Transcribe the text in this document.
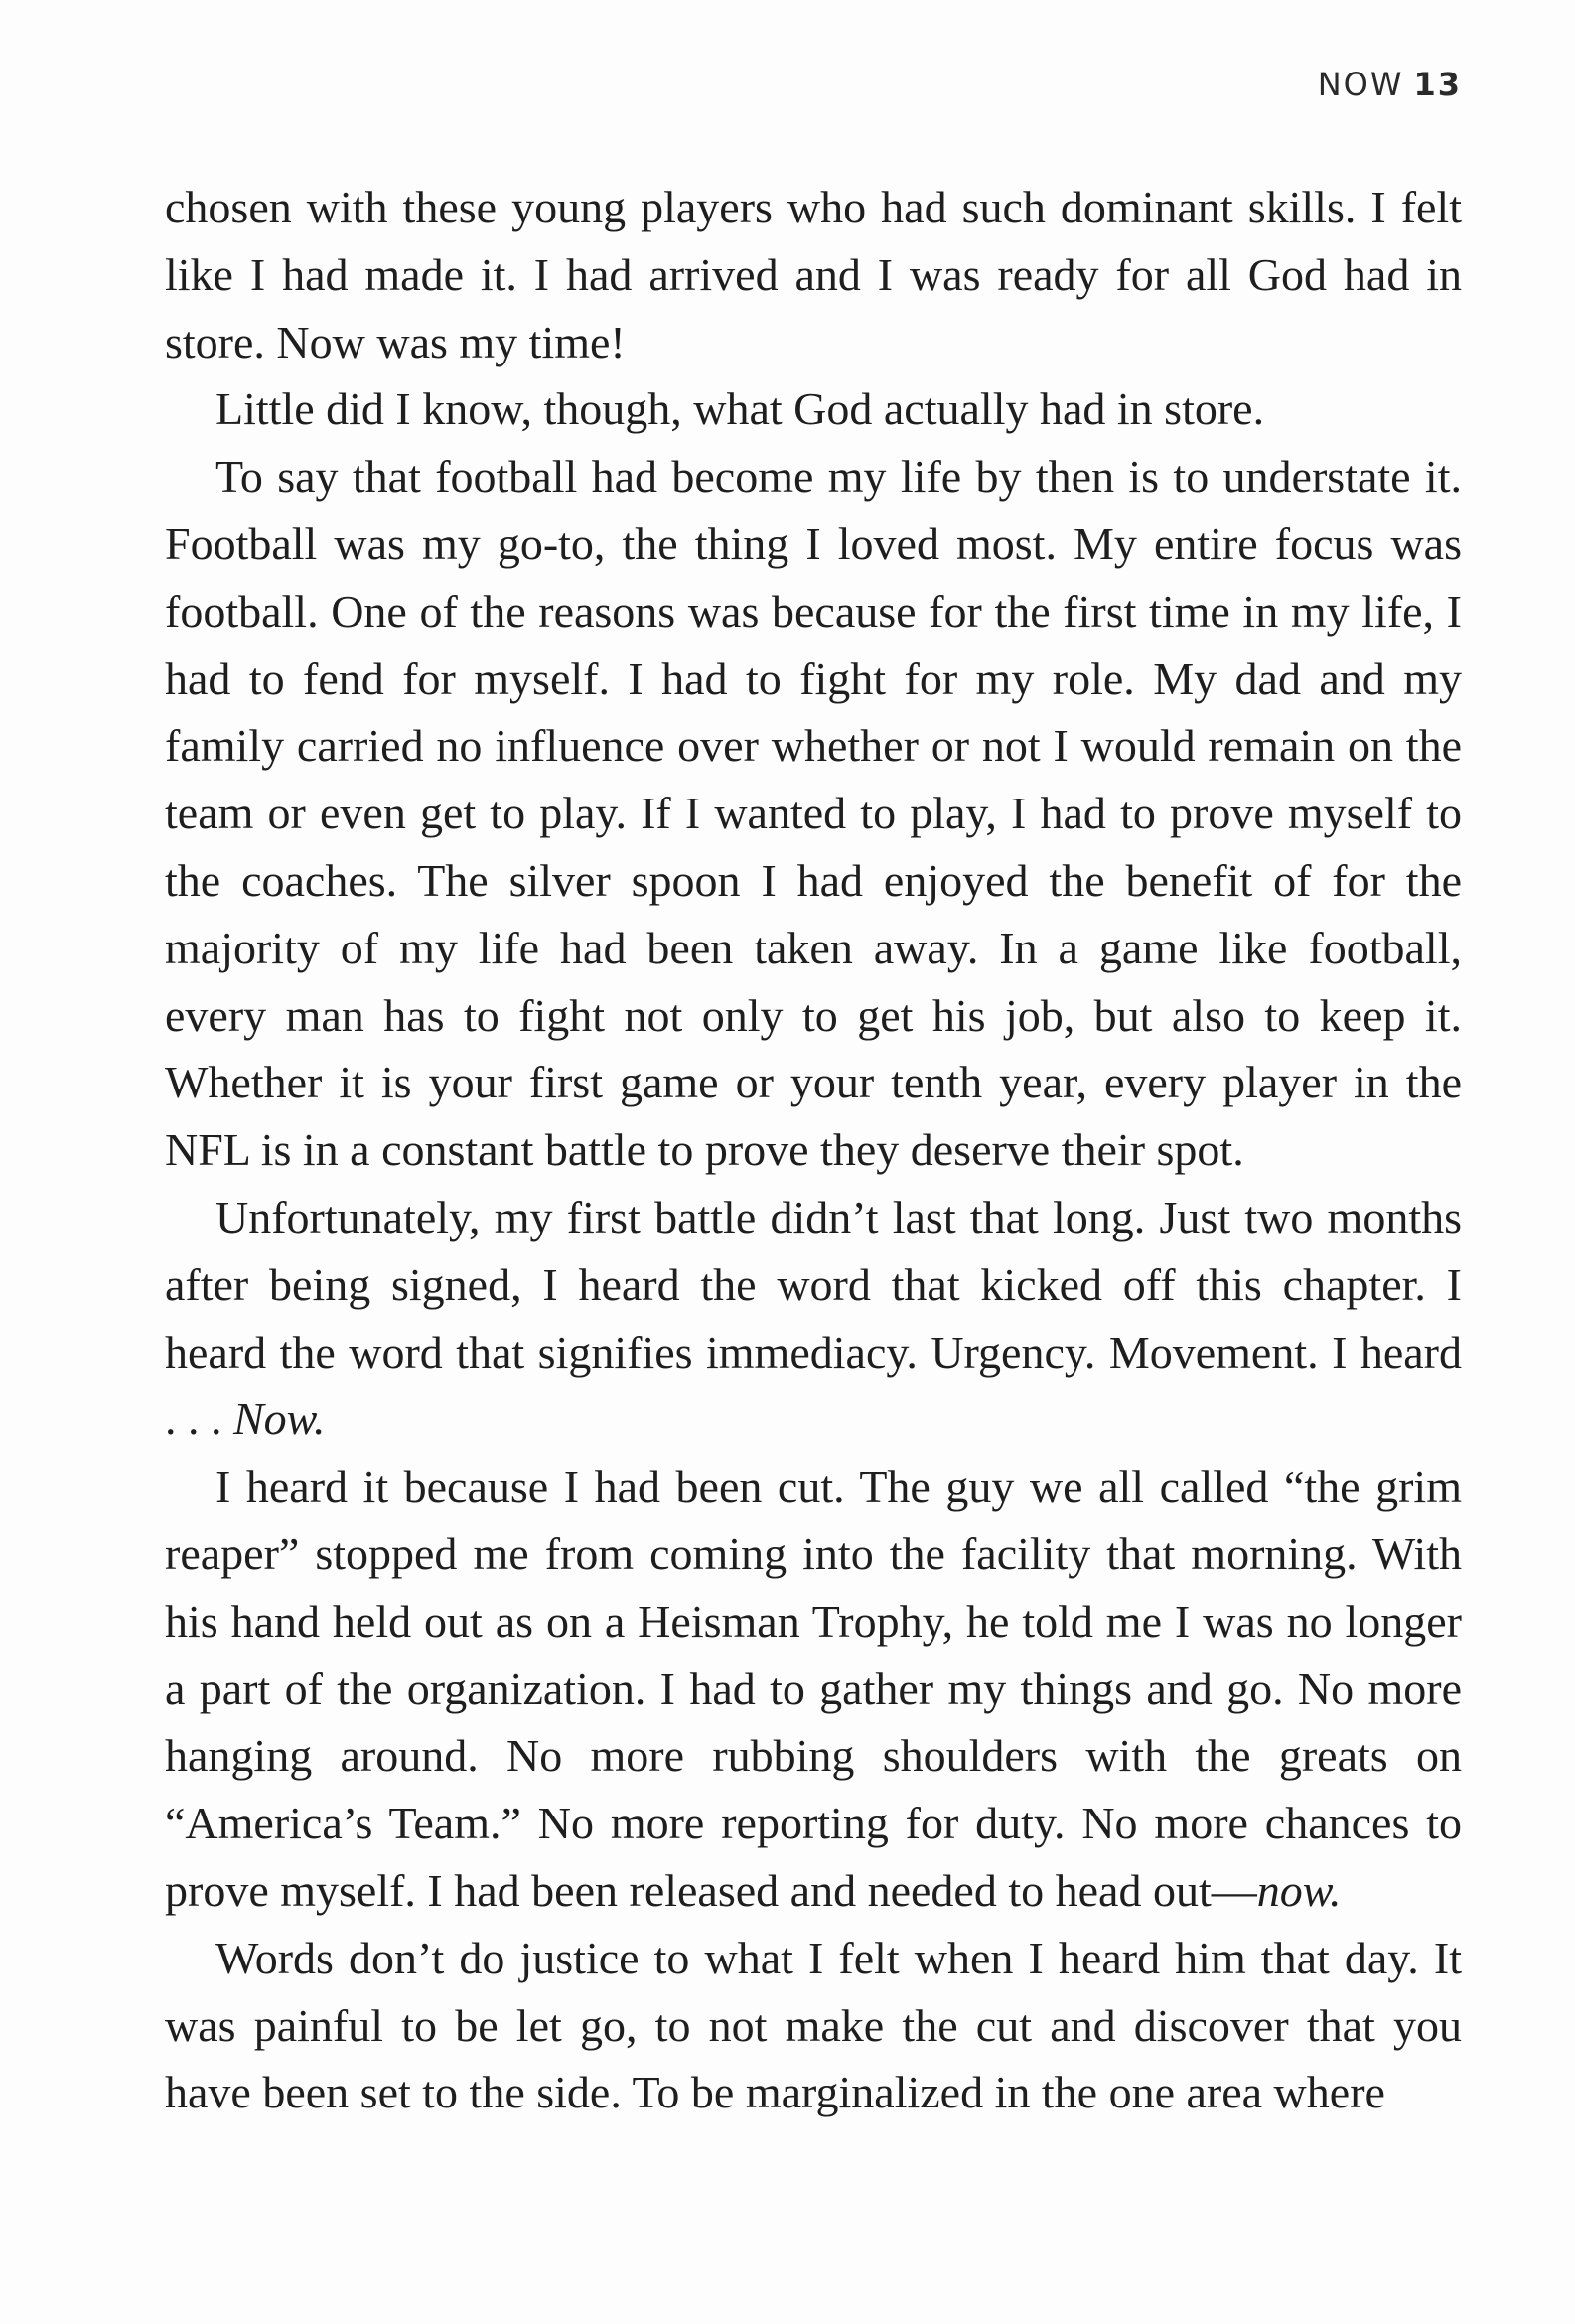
NOW 13

chosen with these young players who had such dominant skills. I felt like I had made it. I had arrived and I was ready for all God had in store. Now was my time!

Little did I know, though, what God actually had in store.

To say that football had become my life by then is to understate it. Football was my go-to, the thing I loved most. My entire focus was football. One of the reasons was because for the first time in my life, I had to fend for myself. I had to fight for my role. My dad and my family carried no influence over whether or not I would remain on the team or even get to play. If I wanted to play, I had to prove myself to the coaches. The silver spoon I had enjoyed the benefit of for the majority of my life had been taken away. In a game like football, every man has to fight not only to get his job, but also to keep it. Whether it is your first game or your tenth year, every player in the NFL is in a constant battle to prove they deserve their spot.

Unfortunately, my first battle didn’t last that long. Just two months after being signed, I heard the word that kicked off this chapter. I heard the word that signifies immediacy. Urgency. Movement. I heard . . . Now.

I heard it because I had been cut. The guy we all called “the grim reaper” stopped me from coming into the facility that morning. With his hand held out as on a Heisman Trophy, he told me I was no longer a part of the organization. I had to gather my things and go. No more hanging around. No more rubbing shoulders with the greats on “America’s Team.” No more reporting for duty. No more chances to prove myself. I had been released and needed to head out—now.

Words don’t do justice to what I felt when I heard him that day. It was painful to be let go, to not make the cut and discover that you have been set to the side. To be marginalized in the one area where
